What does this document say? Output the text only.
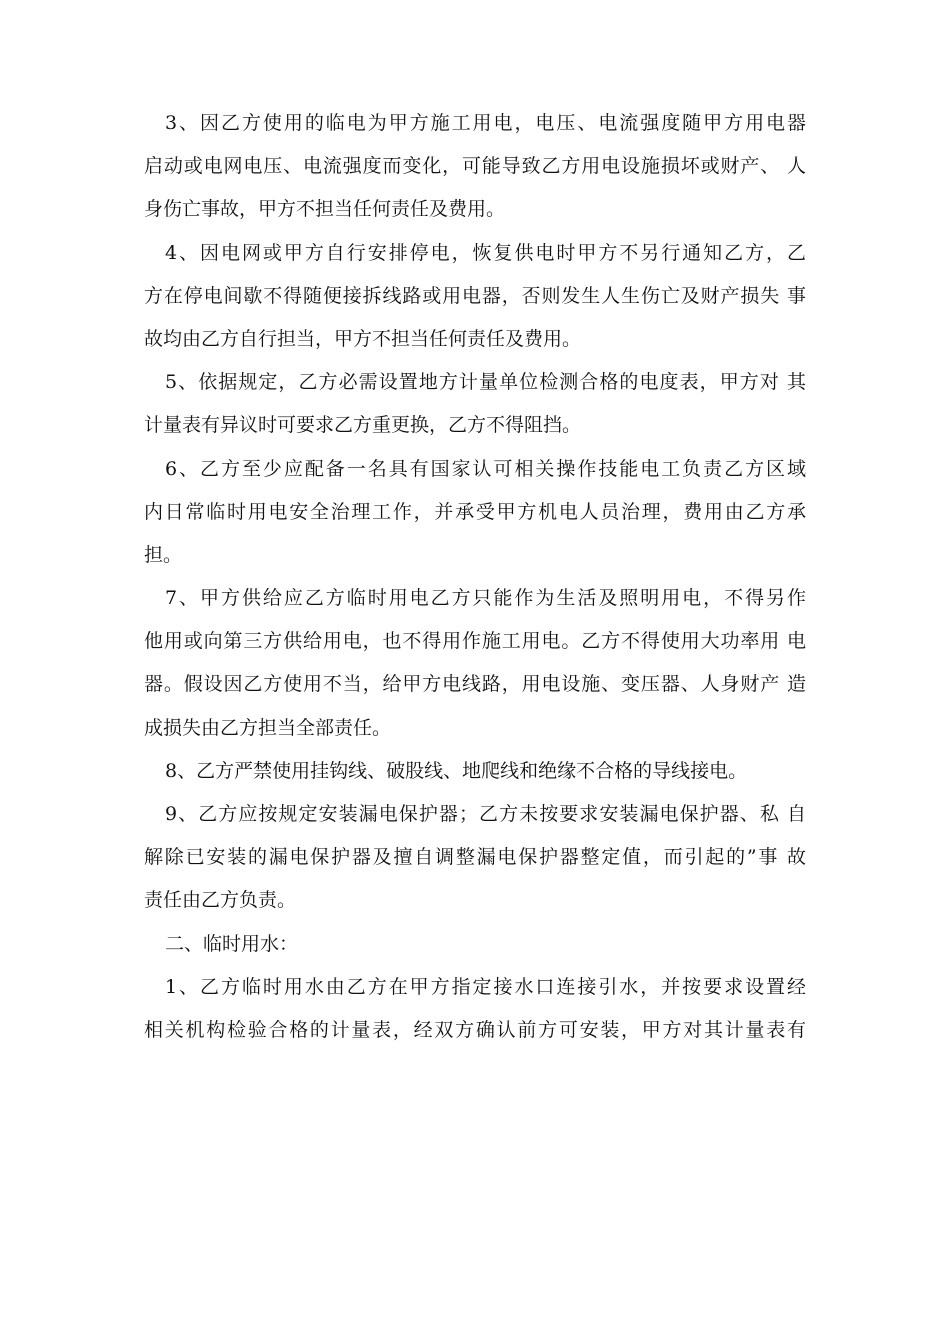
3、因乙方使用的临电为甲方施工用电，电压、电流强度随甲方用电器
启动或电网电压、电流强度而变化，可能导致乙方用电设施损坏或财产、 人
身伤亡事故，甲方不担当任何责任及费用。
4、因电网或甲方自行安排停电，恢复供电时甲方不另行通知乙方，乙
方在停电间歇不得随便接拆线路或用电器，否则发生人生伤亡及财产损失 事
故均由乙方自行担当，甲方不担当任何责任及费用。
5、依据规定，乙方必需设置地方计量单位检测合格的电度表，甲方对 其
计量表有异议时可要求乙方重更换，乙方不得阻挡。
6、乙方至少应配备一名具有国家认可相关操作技能电工负责乙方区域
内日常临时用电安全治理工作，并承受甲方机电人员治理，费用由乙方承
担。
7、甲方供给应乙方临时用电乙方只能作为生活及照明用电，不得另作
他用或向第三方供给用电，也不得用作施工用电。乙方不得使用大功率用 电
器。假设因乙方使用不当，给甲方电线路，用电设施、变压器、人身财产 造
成损失由乙方担当全部责任。
8、乙方严禁使用挂钩线、破股线、地爬线和绝缘不合格的导线接电。
9、乙方应按规定安装漏电保护器；乙方未按要求安装漏电保护器、私 自
解除已安装的漏电保护器及擅自调整漏电保护器整定值，而引起的”事 故
责任由乙方负责。
二、临时用水：
1、乙方临时用水由乙方在甲方指定接水口连接引水，并按要求设置经
相关机构检验合格的计量表，经双方确认前方可安装，甲方对其计量表有
